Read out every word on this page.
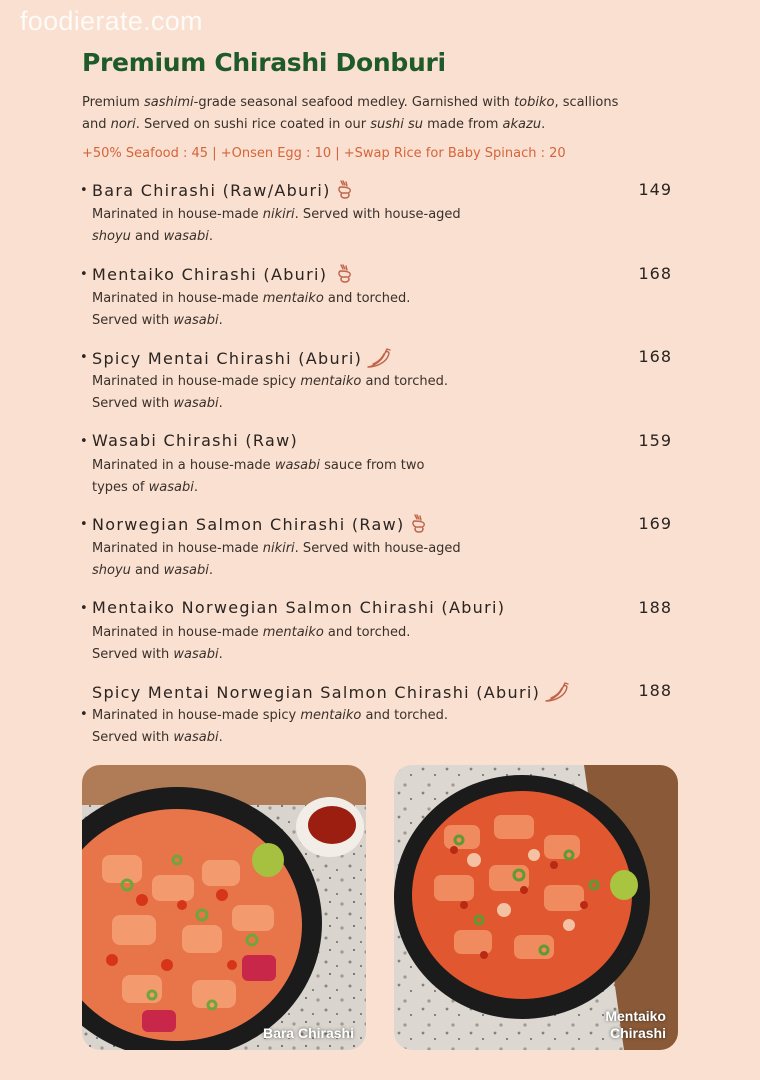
foodierate.com
Premium Chirashi Donburi
Premium sashimi-grade seasonal seafood medley. Garnished with tobiko, scallions
and nori. Served on sushi rice coated in our sushi su made from akazu.
+50% Seafood : 45 | +Onsen Egg : 10 | +Swap Rice for Baby Spinach : 20
• Bara Chirashi (Raw/Aburi)	149
Marinated in house-made nikiri. Served with house-aged
shoyu and wasabi.
• Mentaiko Chirashi (Aburi)	168
Marinated in house-made mentaiko and torched.
Served with wasabi.
• Spicy Mentai Chirashi (Aburi)	168
Marinated in house-made spicy mentaiko and torched.
Served with wasabi.
• Wasabi Chirashi (Raw)	159
Marinated in a house-made wasabi sauce from two
types of wasabi.
• Norwegian Salmon Chirashi (Raw)	169
Marinated in house-made nikiri. Served with house-aged
shoyu and wasabi.
• Mentaiko Norwegian Salmon Chirashi (Aburi)	188
Marinated in house-made mentaiko and torched.
Served with wasabi.
•
Spicy Mentai Norwegian Salmon Chirashi (Aburi)	188
Marinated in house-made spicy mentaiko and torched.
Served with wasabi.
Bara Chirashi
Mentaiko
Chirashi
